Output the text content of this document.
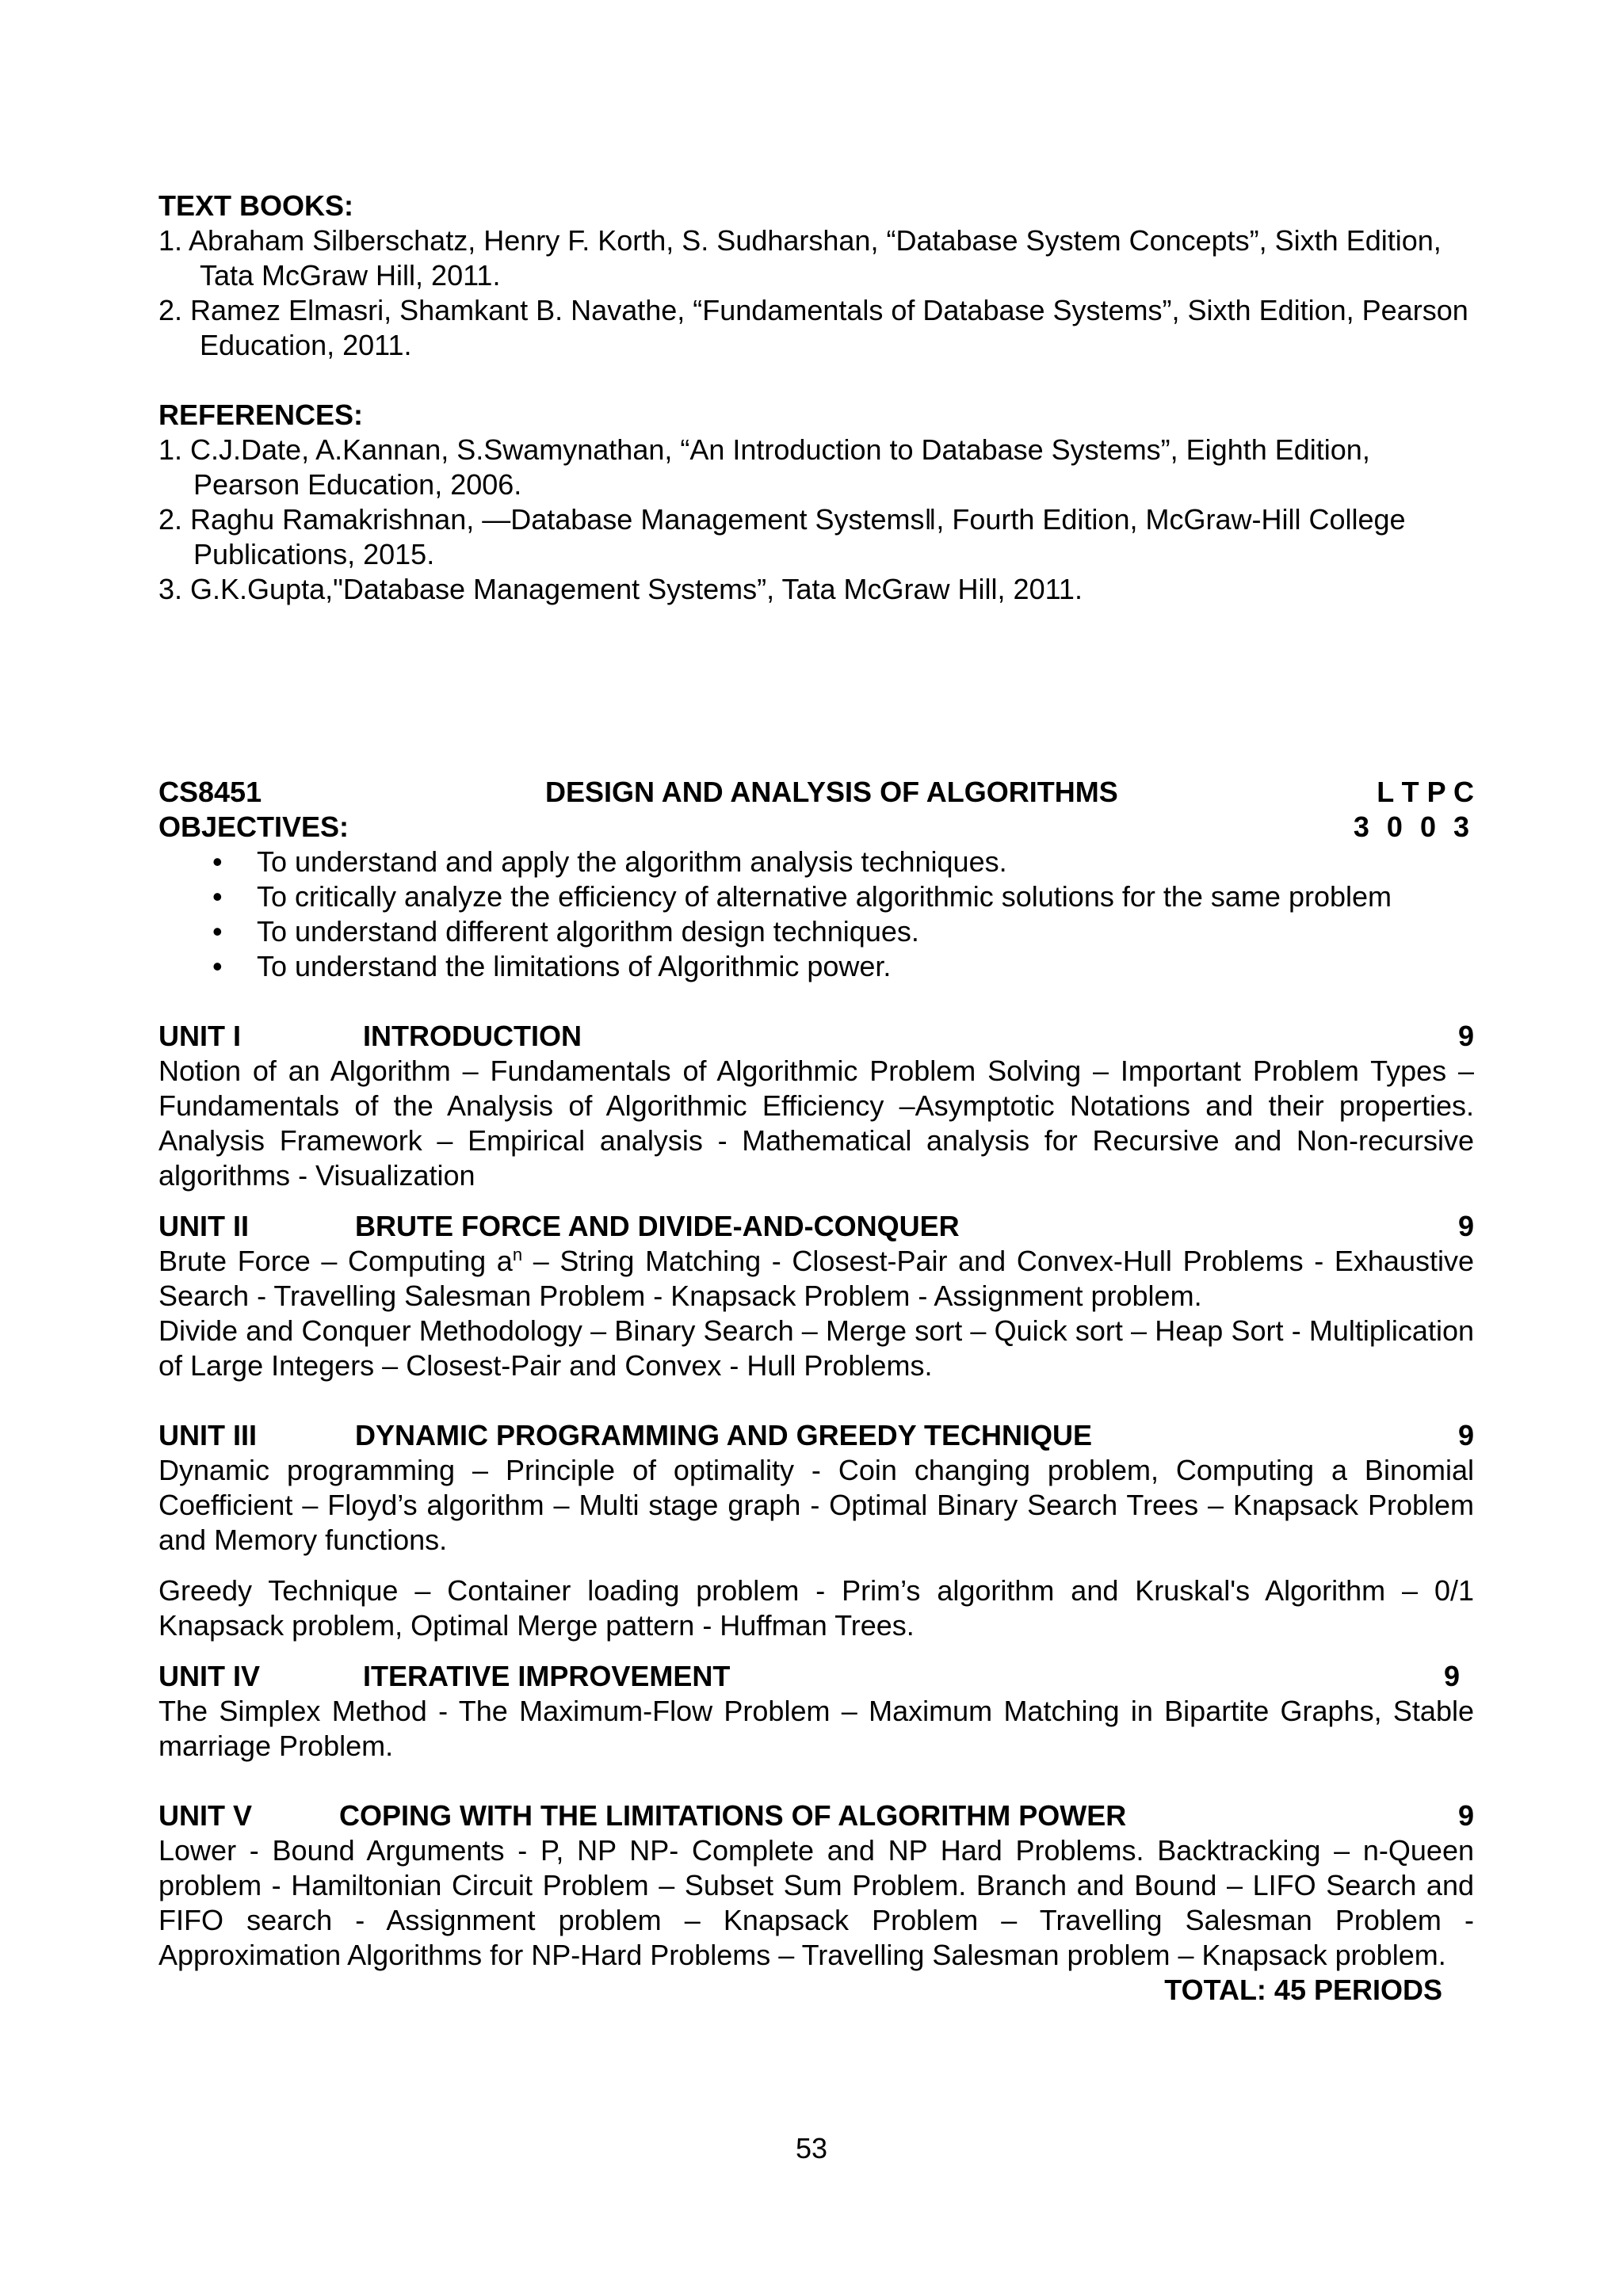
TEXT BOOKS:

1. Abraham Silberschatz, Henry F. Korth, S. Sudharshan, “Database System Concepts”, Sixth Edition, Tata McGraw Hill, 2011.

2. Ramez Elmasri, Shamkant B. Navathe, “Fundamentals of Database Systems”, Sixth Edition, Pearson Education, 2011.

REFERENCES:

1. C.J.Date, A.Kannan, S.Swamynathan, “An Introduction to Database Systems”, Eighth Edition, Pearson Education, 2006.

2. Raghu Ramakrishnan, —Database Management Systems‖, Fourth Edition, McGraw-Hill College Publications, 2015.

3. G.K.Gupta,"Database Management Systems”, Tata McGraw Hill, 2011.

CS8451	DESIGN AND ANALYSIS OF ALGORITHMS	L T P C
3 0 0 3

OBJECTIVES:

• To understand and apply the algorithm analysis techniques.
• To critically analyze the efficiency of alternative algorithmic solutions for the same problem
• To understand different algorithm design techniques.
• To understand the limitations of Algorithmic power.
UNIT I	INTRODUCTION	9

Notion of an Algorithm – Fundamentals of Algorithmic Problem Solving – Important Problem Types – Fundamentals of the Analysis of Algorithmic Efficiency –Asymptotic Notations and their properties. Analysis Framework – Empirical analysis - Mathematical analysis for Recursive and Non-recursive algorithms - Visualization

UNIT II	BRUTE FORCE AND DIVIDE-AND-CONQUER	9

Brute Force – Computing $a^n$ – String Matching - Closest-Pair and Convex-Hull Problems - Exhaustive Search - Travelling Salesman Problem - Knapsack Problem - Assignment problem.

Divide and Conquer Methodology – Binary Search – Merge sort – Quick sort – Heap Sort - Multiplication of Large Integers – Closest-Pair and Convex - Hull Problems.

UNIT III	DYNAMIC PROGRAMMING AND GREEDY TECHNIQUE	9

Dynamic programming – Principle of optimality - Coin changing problem, Computing a Binomial Coefficient – Floyd’s algorithm – Multi stage graph - Optimal Binary Search Trees – Knapsack Problem and Memory functions.

Greedy Technique – Container loading problem - Prim’s algorithm and Kruskal's Algorithm – 0/1 Knapsack problem, Optimal Merge pattern - Huffman Trees.

UNIT IV	ITERATIVE IMPROVEMENT	9

The Simplex Method - The Maximum-Flow Problem – Maximum Matching in Bipartite Graphs, Stable marriage Problem.

UNIT V	COPING WITH THE LIMITATIONS OF ALGORITHM POWER	9

Lower - Bound Arguments - P, NP NP- Complete and NP Hard Problems. Backtracking – n-Queen problem - Hamiltonian Circuit Problem – Subset Sum Problem. Branch and Bound – LIFO Search and FIFO search - Assignment problem – Knapsack Problem – Travelling Salesman Problem - Approximation Algorithms for NP-Hard Problems – Travelling Salesman problem – Knapsack problem.

TOTAL: 45 PERIODS
53
